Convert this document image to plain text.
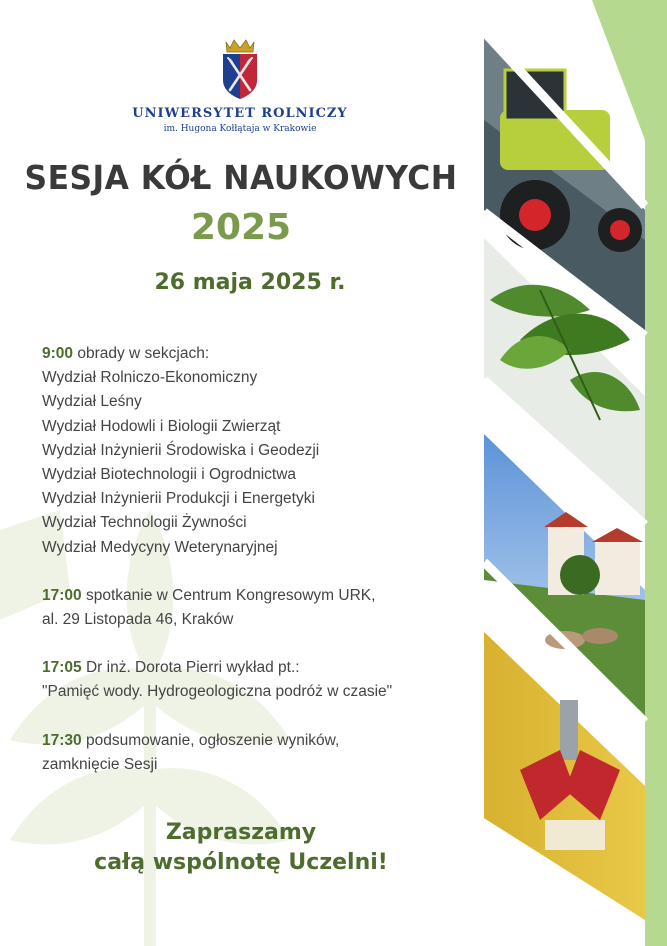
UNIWERSYTET ROLNICZY
im. Hugona Kołłątaja w Krakowie
SESJA KÓŁ NAUKOWYCH
2025
26 maja 2025 r.
9:00 obrady w sekcjach:
Wydział Rolniczo-Ekonomiczny
Wydział Leśny
Wydział Hodowli i Biologii Zwierząt
Wydział Inżynierii Środowiska i Geodezji
Wydział Biotechnologii i Ogrodnictwa
Wydział Inżynierii Produkcji i Energetyki
Wydział Technologii Żywności
Wydział Medycyny Weterynaryjnej
17:00 spotkanie w Centrum Kongresowym URK,
al. 29 Listopada 46, Kraków
17:05 Dr inż. Dorota Pierri wykład pt.:
"Pamięć wody. Hydrogeologiczna podróż w czasie"
17:30 podsumowanie, ogłoszenie wyników,
zamknięcie Sesji
Zapraszamy
całą wspólnotę Uczelni!
